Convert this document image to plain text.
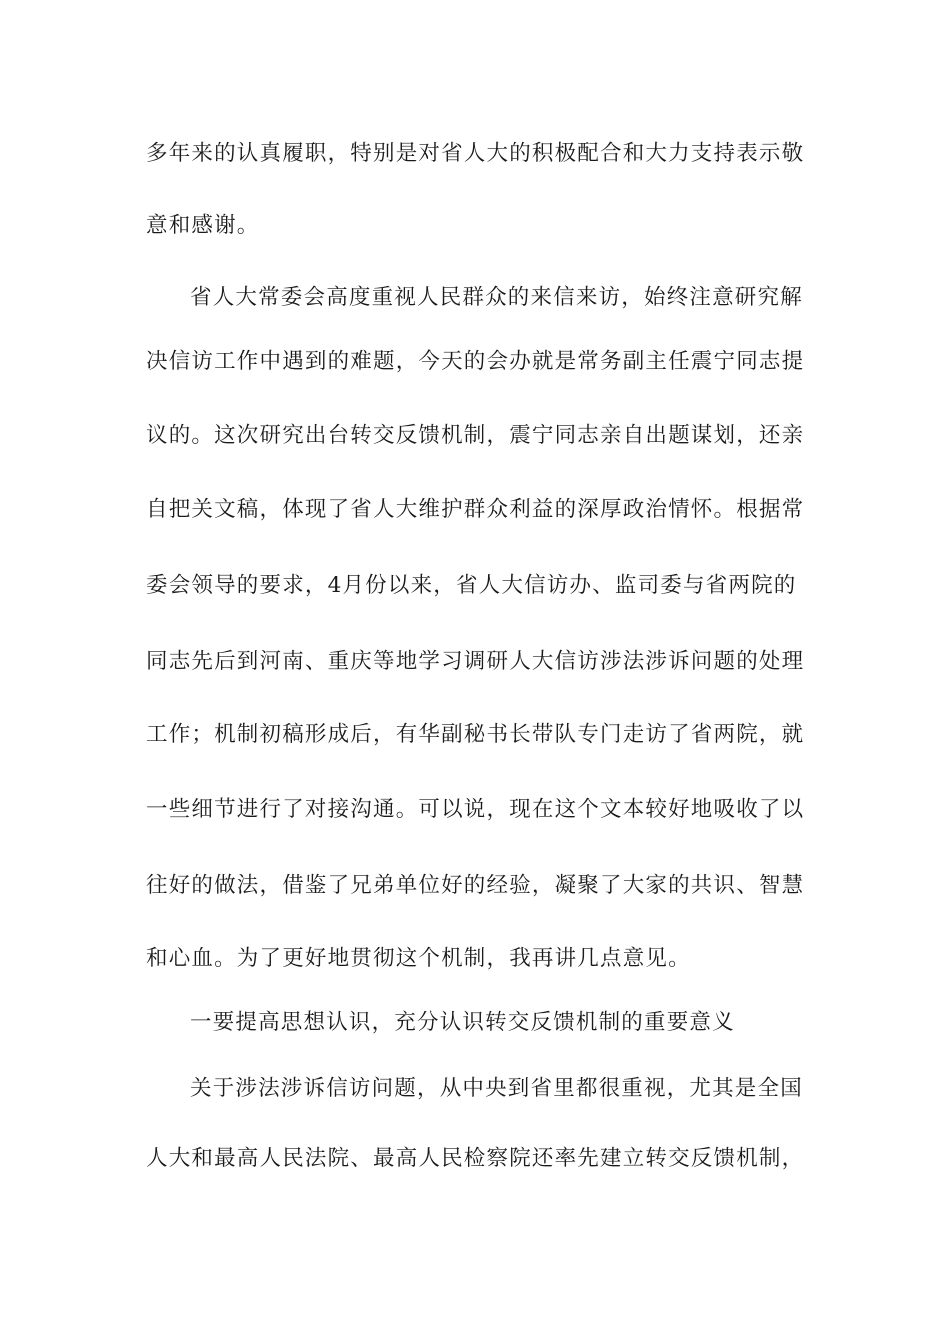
多年来的认真履职，特别是对省人大的积极配合和大力支持表示敬
意和感谢。
省人大常委会高度重视人民群众的来信来访，始终注意研究解
决信访工作中遇到的难题，今天的会办就是常务副主任震宁同志提
议的。这次研究出台转交反馈机制，震宁同志亲自出题谋划，还亲
自把关文稿，体现了省人大维护群众利益的深厚政治情怀。根据常
委会领导的要求，4月份以来，省人大信访办、监司委与省两院的
同志先后到河南、重庆等地学习调研人大信访涉法涉诉问题的处理
工作；机制初稿形成后，有华副秘书长带队专门走访了省两院，就
一些细节进行了对接沟通。可以说，现在这个文本较好地吸收了以
往好的做法，借鉴了兄弟单位好的经验，凝聚了大家的共识、智慧
和心血。为了更好地贯彻这个机制，我再讲几点意见。
一要提高思想认识，充分认识转交反馈机制的重要意义
关于涉法涉诉信访问题，从中央到省里都很重视，尤其是全国
人大和最高人民法院、最高人民检察院还率先建立转交反馈机制，
